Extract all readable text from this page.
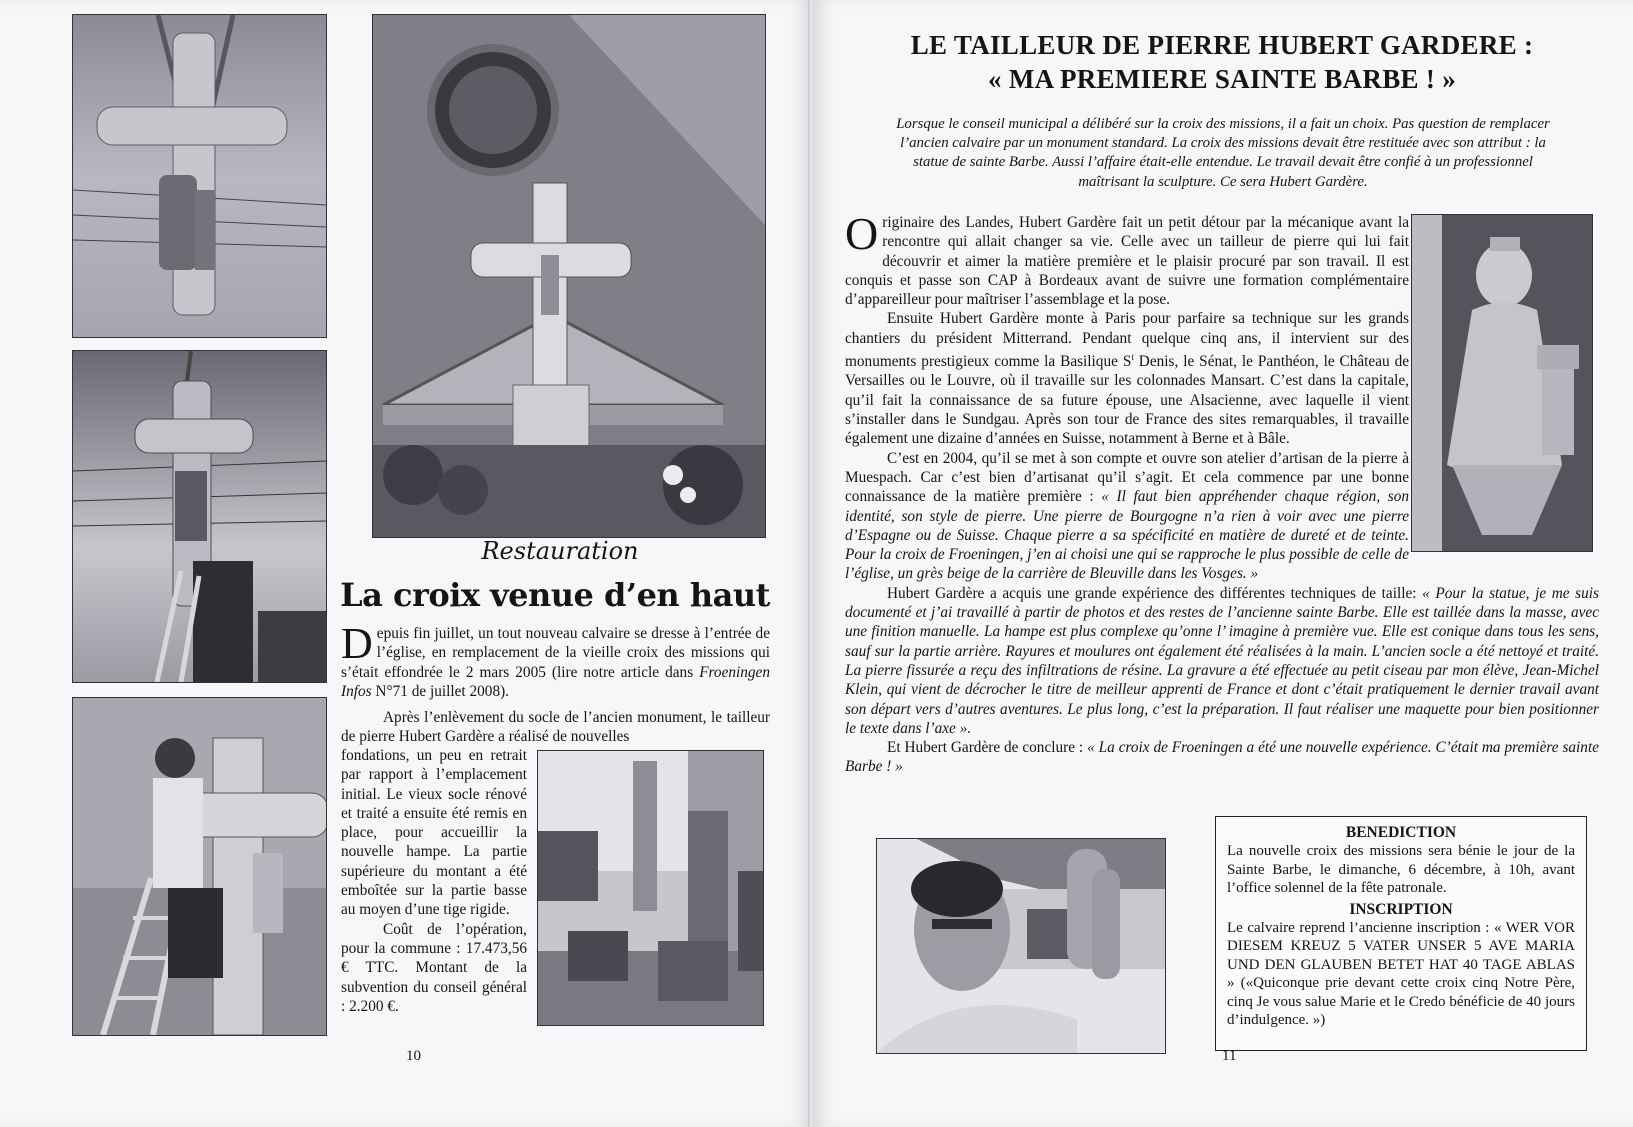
Restauration
La croix venue d’en haut

Depuis fin juillet, un tout nouveau calvaire se dresse à l’entrée de l’église, en remplacement de la vieille croix des missions qui s’était effondrée le 2 mars 2005 (lire notre article dans Froeningen Infos N°71 de juillet 2008).

Après l’enlèvement du socle de l’ancien monument, le tailleur de pierre Hubert Gardère a réalisé de nouvelles

fondations, un peu en retrait par rapport à l’emplacement initial. Le vieux socle rénové et traité a ensuite été remis en place, pour accueillir la nouvelle hampe. La partie supérieure du montant a été emboîtée sur la partie basse au moyen d’une tige rigide.

Coût de l’opération, pour la commune : 17.473,56 € TTC. Montant de la subvention du conseil général : 2.200 €.

10
LE TAILLEUR DE PIERRE HUBERT GARDERE :
« MA PREMIERE SAINTE BARBE ! »
Lorsque le conseil municipal a délibéré sur la croix des missions, il a fait un choix. Pas question de remplacer l’ancien calvaire par un monument standard. La croix des missions devait être restituée avec son attribut : la statue de sainte Barbe. Aussi l’affaire était-elle entendue. Le travail devait être confié à un professionnel maîtrisant la sculpture. Ce sera Hubert Gardère.

Originaire des Landes, Hubert Gardère fait un petit détour par la mécanique avant la rencontre qui allait changer sa vie. Celle avec un tailleur de pierre qui lui fait découvrir et aimer la matière première et le plaisir procuré par son travail. Il est conquis et passe son CAP à Bordeaux avant de suivre une formation complémentaire d’appareilleur pour maîtriser l’assemblage et la pose.

Ensuite Hubert Gardère monte à Paris pour parfaire sa technique sur les grands chantiers du président Mitterrand. Pendant quelque cinq ans, il intervient sur des monuments prestigieux comme la Basilique $S^t$ Denis, le Sénat, le Panthéon, le Château de Versailles ou le Louvre, où il travaille sur les colonnades Mansart. C’est dans la capitale, qu’il fait la connaissance de sa future épouse, une Alsacienne, avec laquelle il vient s’installer dans le Sundgau. Après son tour de France des sites remarquables, il travaille également une dizaine d’années en Suisse, notamment à Berne et à Bâle.

C’est en 2004, qu’il se met à son compte et ouvre son atelier d’artisan de la pierre à Muespach. Car c’est bien d’artisanat qu’il s’agit. Et cela commence par une bonne connaissance de la matière première : « Il faut bien appréhender chaque région, son identité, son style de pierre. Une pierre de Bourgogne n’a rien à voir avec une pierre d’Espagne ou de Suisse. Chaque pierre a sa spécificité en matière de dureté et de teinte. Pour la croix de Froeningen, j’en ai choisi une qui se rapproche le plus possible de celle de l’église, un grès beige de la carrière de Bleuville dans les Vosges. »

Hubert Gardère a acquis une grande expérience des différentes techniques de taille: « Pour la statue, je me suis documenté et j’ai travaillé à partir de photos et des restes de l’ancienne sainte Barbe. Elle est taillée dans la masse, avec une finition manuelle. La hampe est plus complexe qu’onne l’ imagine à première vue. Elle est conique dans tous les sens, sauf sur la partie arrière. Rayures et moulures ont également été réalisées à la main. L’ancien socle a été nettoyé et traité. La pierre fissurée a reçu des infiltrations de résine. La gravure a été effectuée au petit ciseau par mon élève, Jean-Michel Klein, qui vient de décrocher le titre de meilleur apprenti de France et dont c’était pratiquement le dernier travail avant son départ vers d’autres aventures. Le plus long, c’est la préparation. Il faut réaliser une maquette pour bien positionner le texte dans l’axe ».

Et Hubert Gardère de conclure : « La croix de Froeningen a été une nouvelle expérience. C’était ma première sainte Barbe ! »

BENEDICTION

La nouvelle croix des missions sera bénie le jour de la Sainte Barbe, le dimanche, 6 décembre, à 10h, avant l’office solennel de la fête patronale.

INSCRIPTION

Le calvaire reprend l’ancienne inscription : « WER VOR DIESEM KREUZ 5 VATER UNSER 5 AVE MARIA UND DEN GLAUBEN BETET HAT 40 TAGE ABLAS » («Quiconque prie devant cette croix cinq Notre Père, cinq Je vous salue Marie et le Credo bénéficie de 40 jours d’indulgence. »)

11
